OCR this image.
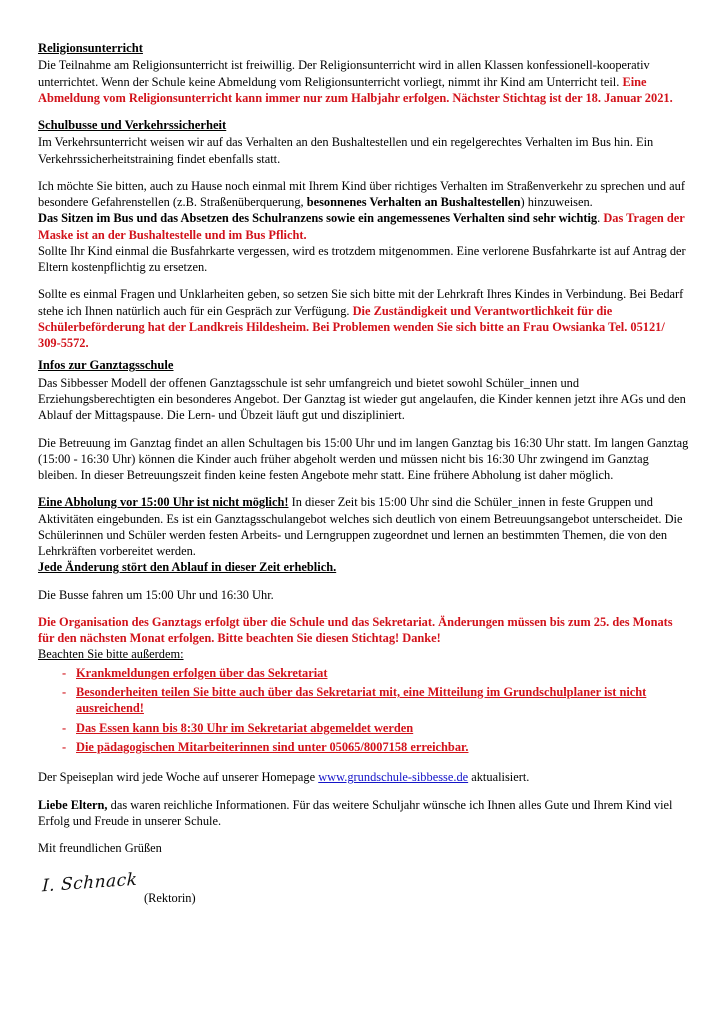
Religionsunterricht

Die Teilnahme am Religionsunterricht ist freiwillig. Der Religionsunterricht wird in allen Klassen konfessionell-kooperativ unterrichtet. Wenn der Schule keine Abmeldung vom Religionsunterricht vorliegt, nimmt ihr Kind am Unterricht teil. Eine Abmeldung vom Religionsunterricht kann immer nur zum Halbjahr erfolgen. Nächster Stichtag ist der 18. Januar 2021.

Schulbusse und Verkehrssicherheit

Im Verkehrsunterricht weisen wir auf das Verhalten an den Bushaltestellen und ein regelgerechtes Verhalten im Bus hin. Ein Verkehrssicherheitstraining findet ebenfalls statt.

Ich möchte Sie bitten, auch zu Hause noch einmal mit Ihrem Kind über richtiges Verhalten im Straßenverkehr zu sprechen und auf besondere Gefahrenstellen (z.B. Straßenüberquerung, besonnenes Verhalten an Bushaltestellen) hinzuweisen.

Das Sitzen im Bus und das Absetzen des Schulranzens sowie ein angemessenes Verhalten sind sehr wichtig. Das Tragen der Maske ist an der Bushaltestelle und im Bus Pflicht.

Sollte Ihr Kind einmal die Busfahrkarte vergessen, wird es trotzdem mitgenommen. Eine verlorene Busfahrkarte ist auf Antrag der Eltern kostenpflichtig zu ersetzen.

Sollte es einmal Fragen und Unklarheiten geben, so setzen Sie sich bitte mit der Lehrkraft Ihres Kindes in Verbindung. Bei Bedarf stehe ich Ihnen natürlich auch für ein Gespräch zur Verfügung. Die Zuständigkeit und Verantwortlichkeit für die Schülerbeförderung hat der Landkreis Hildesheim. Bei Problemen wenden Sie sich bitte an Frau Owsianka Tel. 05121/ 309-5572.

Infos zur Ganztagsschule

Das Sibbesser Modell der offenen Ganztagsschule ist sehr umfangreich und bietet sowohl Schüler_innen und Erziehungsberechtigten ein besonderes Angebot. Der Ganztag ist wieder gut angelaufen, die Kinder kennen jetzt ihre AGs und den Ablauf der Mittagspause. Die Lern- und Übzeit läuft gut und diszipliniert.

Die Betreuung im Ganztag findet an allen Schultagen bis 15:00 Uhr und im langen Ganztag bis 16:30 Uhr statt. Im langen Ganztag (15:00 - 16:30 Uhr) können die Kinder auch früher abgeholt werden und müssen nicht bis 16:30 Uhr zwingend im Ganztag bleiben. In dieser Betreuungszeit finden keine festen Angebote mehr statt. Eine frühere Abholung ist daher möglich.

Eine Abholung vor 15:00 Uhr ist nicht möglich! In dieser Zeit bis 15:00 Uhr sind die Schüler_innen in feste Gruppen und Aktivitäten eingebunden. Es ist ein Ganztagsschulangebot welches sich deutlich von einem Betreuungsangebot unterscheidet. Die Schülerinnen und Schüler werden festen Arbeits- und Lerngruppen zugeordnet und lernen an bestimmten Themen, die von den Lehrkräften vorbereitet werden.

Jede Änderung stört den Ablauf in dieser Zeit erheblich.

Die Busse fahren um 15:00 Uhr und 16:30 Uhr.

Die Organisation des Ganztags erfolgt über die Schule und das Sekretariat. Änderungen müssen bis zum 25. des Monats für den nächsten Monat erfolgen. Bitte beachten Sie diesen Stichtag! Danke!

Beachten Sie bitte außerdem:

- Krankmeldungen erfolgen über das Sekretariat
- Besonderheiten teilen Sie bitte auch über das Sekretariat mit, eine Mitteilung im Grundschulplaner ist nicht ausreichend!
- Das Essen kann bis 8:30 Uhr im Sekretariat abgemeldet werden
- Die pädagogischen Mitarbeiterinnen sind unter 05065/8007158 erreichbar.

Der Speiseplan wird jede Woche auf unserer Homepage www.grundschule-sibbesse.de aktualisiert.

Liebe Eltern, das waren reichliche Informationen. Für das weitere Schuljahr wünsche ich Ihnen alles Gute und Ihrem Kind viel Erfolg und Freude in unserer Schule.

Mit freundlichen Grüßen

I. Schnack
(Rektorin)
